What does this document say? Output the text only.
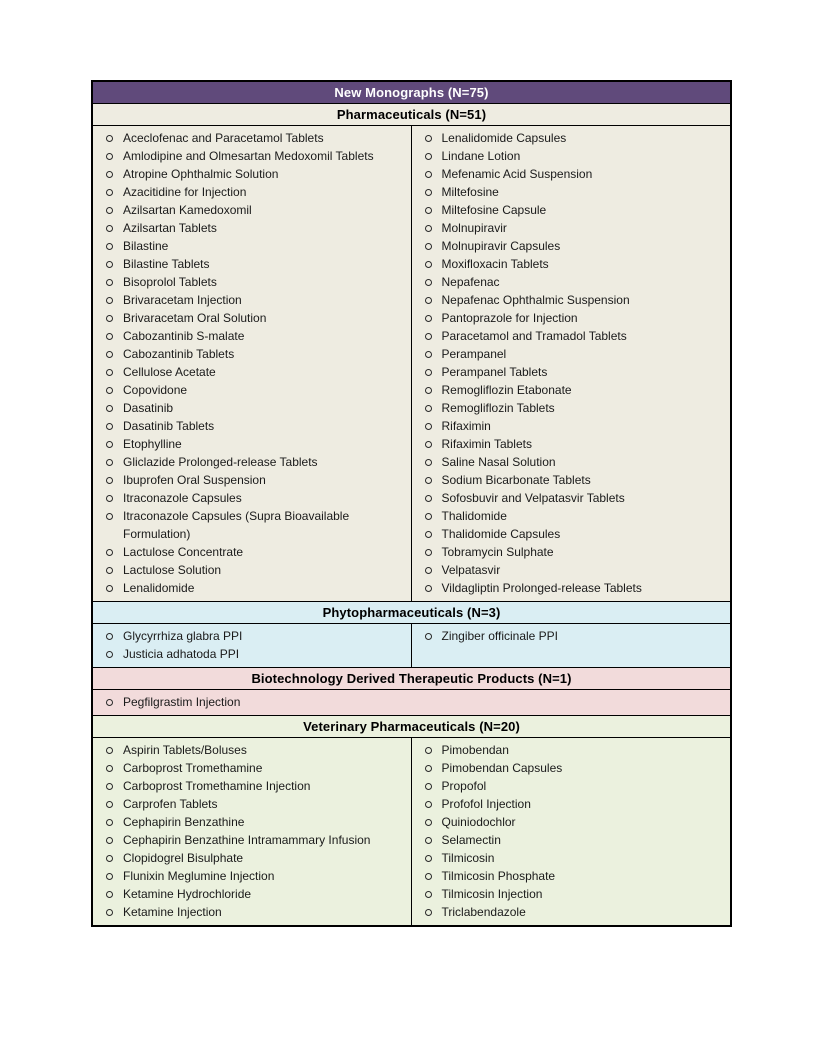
New Monographs (N=75)
Pharmaceuticals (N=51)
Aceclofenac and Paracetamol Tablets
Amlodipine and Olmesartan Medoxomil Tablets
Atropine Ophthalmic Solution
Azacitidine for Injection
Azilsartan Kamedoxomil
Azilsartan Tablets
Bilastine
Bilastine Tablets
Bisoprolol Tablets
Brivaracetam Injection
Brivaracetam Oral Solution
Cabozantinib S-malate
Cabozantinib Tablets
Cellulose Acetate
Copovidone
Dasatinib
Dasatinib Tablets
Etophylline
Gliclazide Prolonged-release Tablets
Ibuprofen Oral Suspension
Itraconazole Capsules
Itraconazole Capsules (Supra Bioavailable Formulation)
Lactulose Concentrate
Lactulose Solution
Lenalidomide
Lenalidomide Capsules
Lindane Lotion
Mefenamic Acid Suspension
Miltefosine
Miltefosine Capsule
Molnupiravir
Molnupiravir Capsules
Moxifloxacin Tablets
Nepafenac
Nepafenac Ophthalmic Suspension
Pantoprazole for Injection
Paracetamol and Tramadol Tablets
Perampanel
Perampanel Tablets
Remogliflozin Etabonate
Remogliflozin Tablets
Rifaximin
Rifaximin Tablets
Saline Nasal Solution
Sodium Bicarbonate Tablets
Sofosbuvir and Velpatasvir Tablets
Thalidomide
Thalidomide Capsules
Tobramycin Sulphate
Velpatasvir
Vildagliptin Prolonged-release Tablets
Phytopharmaceuticals (N=3)
Glycyrrhiza glabra PPI
Justicia adhatoda PPI
Zingiber officinale PPI
Biotechnology Derived Therapeutic Products (N=1)
Pegfilgrastim Injection
Veterinary Pharmaceuticals (N=20)
Aspirin Tablets/Boluses
Carboprost Tromethamine
Carboprost Tromethamine Injection
Carprofen Tablets
Cephapirin Benzathine
Cephapirin Benzathine Intramammary Infusion
Clopidogrel Bisulphate
Flunixin Meglumine Injection
Ketamine Hydrochloride
Ketamine Injection
Pimobendan
Pimobendan Capsules
Propofol
Profofol Injection
Quiniodochlor
Selamectin
Tilmicosin
Tilmicosin Phosphate
Tilmicosin Injection
Triclabendazole
